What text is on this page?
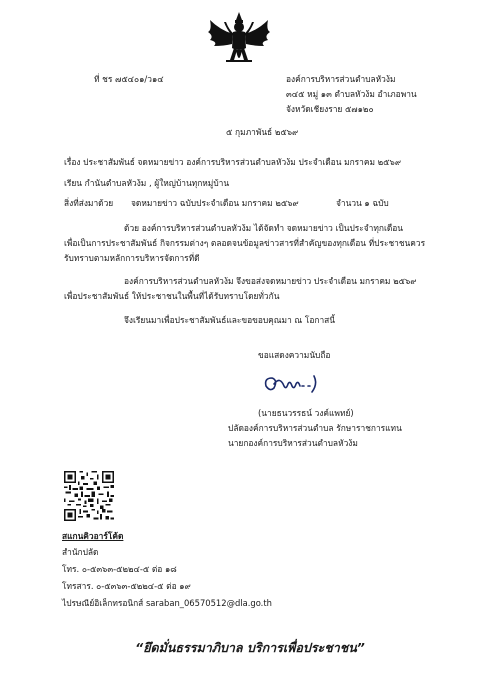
ที่ ชร ๗๕๔๐๑/ว๑๔	องค์การบริหารส่วนตำบลหัวง้ม
๓๔๕ หมู่ ๑๓ ตำบลหัวง้ม อำเภอพาน
จังหวัดเชียงราย ๕๗๑๒๐
๕ กุมภาพันธ์ ๒๕๖๙
เรื่อง ประชาสัมพันธ์ จดหมายข่าว องค์การบริหารส่วนตำบลหัวง้ม ประจำเดือน มกราคม ๒๕๖๙
เรียน กำนันตำบลหัวง้ม , ผู้ใหญ่บ้านทุกหมู่บ้าน
สิ่งที่ส่งมาด้วย จดหมายข่าว ฉบับประจำเดือน มกราคม ๒๕๖๙	จำนวน ๑ ฉบับ
ด้วย องค์การบริหารส่วนตำบลหัวง้ม ได้จัดทำ จดหมายข่าว เป็นประจำทุกเดือน
เพื่อเป็นการประชาสัมพันธ์ กิจกรรมต่างๆ ตลอดจนข้อมูลข่าวสารที่สำคัญของทุกเดือน ที่ประชาชนควร
รับทราบตามหลักการบริหารจัดการที่ดี
องค์การบริหารส่วนตำบลหัวง้ม จึงขอส่งจดหมายข่าว ประจำเดือน มกราคม ๒๕๖๙
เพื่อประชาสัมพันธ์ ให้ประชาชนในพื้นที่ได้รับทราบโดยทั่วกัน
จึงเรียนมาเพื่อประชาสัมพันธ์และขอขอบคุณมา ณ โอกาสนี้
ขอแสดงความนับถือ
(นายธนวรรธน์ วงค์แพทย์)
ปลัดองค์การบริหารส่วนตำบล รักษาราชการแทน
นายกองค์การบริหารส่วนตำบลหัวง้ม
สแกนคิวอาร์โค้ด
สำนักปลัด
โทร. ๐-๕๓๖๓-๕๒๒๔-๕ ต่อ ๑๘
โทรสาร. ๐-๕๓๖๓-๕๒๒๔-๕ ต่อ ๑๙
ไปรษณีย์อิเล็กทรอนิกส์ saraban_06570512@dla.go.th
“ยึดมั่นธรรมาภิบาล บริการเพื่อประชาชน”
